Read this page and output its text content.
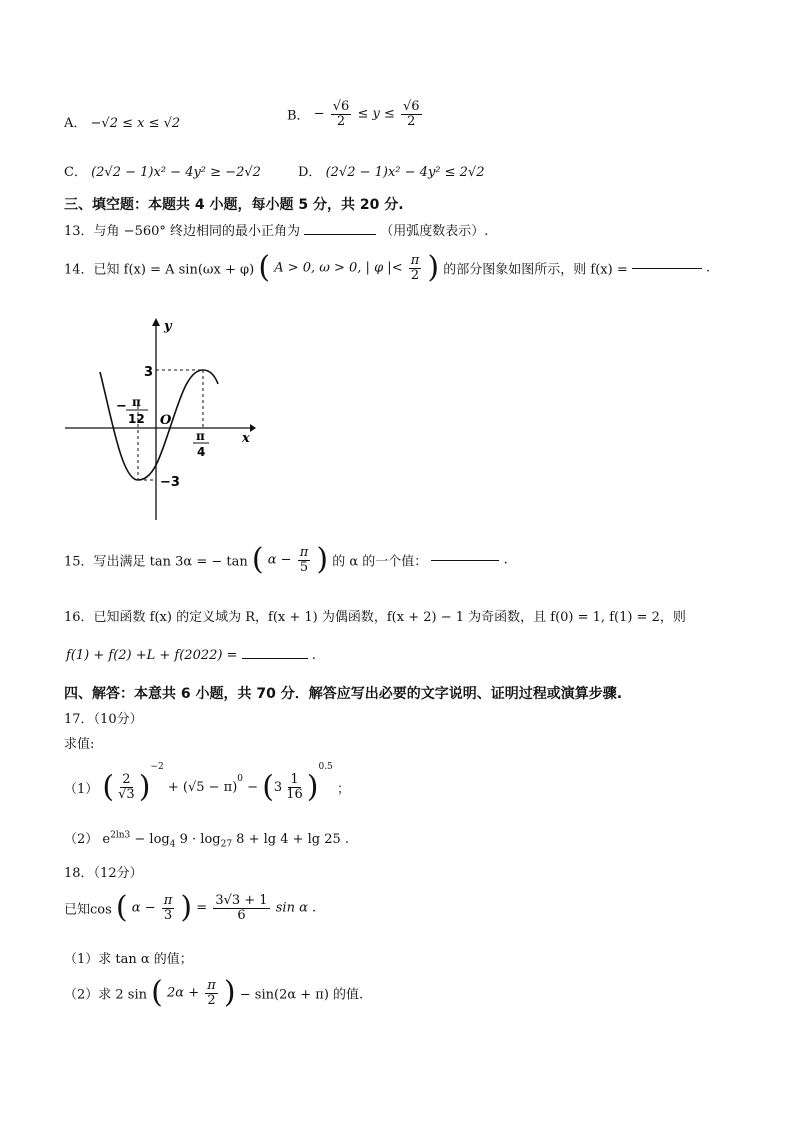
A． −√2 ≤ x ≤ √2	B． − $\frac{√6}{2} \le y \le \frac{√6}{2}$
C． (2√2 − 1)x² − 4y² ≥ −2√2	D． (2√2 − 1)x² − 4y² ≤ 2√2
三、填空题：本题共 4 小题，每小题 5 分，共 20 分.
13．与角 −560° 终边相同的最小正角为	（用弧度数表示）.
14．已知 f(x) = A sin(ωx + φ) ( A > 0, ω > 0, | φ |< $\frac{\pi}{2}$ ) 的部分图象如图所示，则 f(x) =	.
y
x
O
3
−3
− π
12
π
4
15．写出满足 tan 3α = − tan ( $\alpha - \frac{\pi}{5}$ ) 的 α 的一个值：	.
16．已知函数 f(x) 的定义域为 R，f(x + 1) 为偶函数，f(x + 2) − 1 为奇函数，且 f(0) = 1, f(1) = 2，则
f(1) + f(2) +L + f(2022) =	.
四、解答：本意共 6 小题，共 70 分．解答应写出必要的文字说明、证明过程或演算步骤.
17．（10分）
求值:
（1） ( $\frac{2}{√3} )^{-2} + (√5 - \pi)^0 - (3 \frac{1}{16} )^{0.5}$ ；
（2） $e^{2ln3} - \log_4 9 \cdot \log_{27} 8 + \lg 4 + \lg 25$ .
18．（12分）
已知cos ( $\alpha - \frac{\pi}{3}$ ) = $\frac{3√3 + 1}{6}$ sin α .
（1）求 tan α 的值；
（2）求 2 sin ( $2\alpha + \frac{\pi}{2}$ ) − sin(2α + π) 的值.
